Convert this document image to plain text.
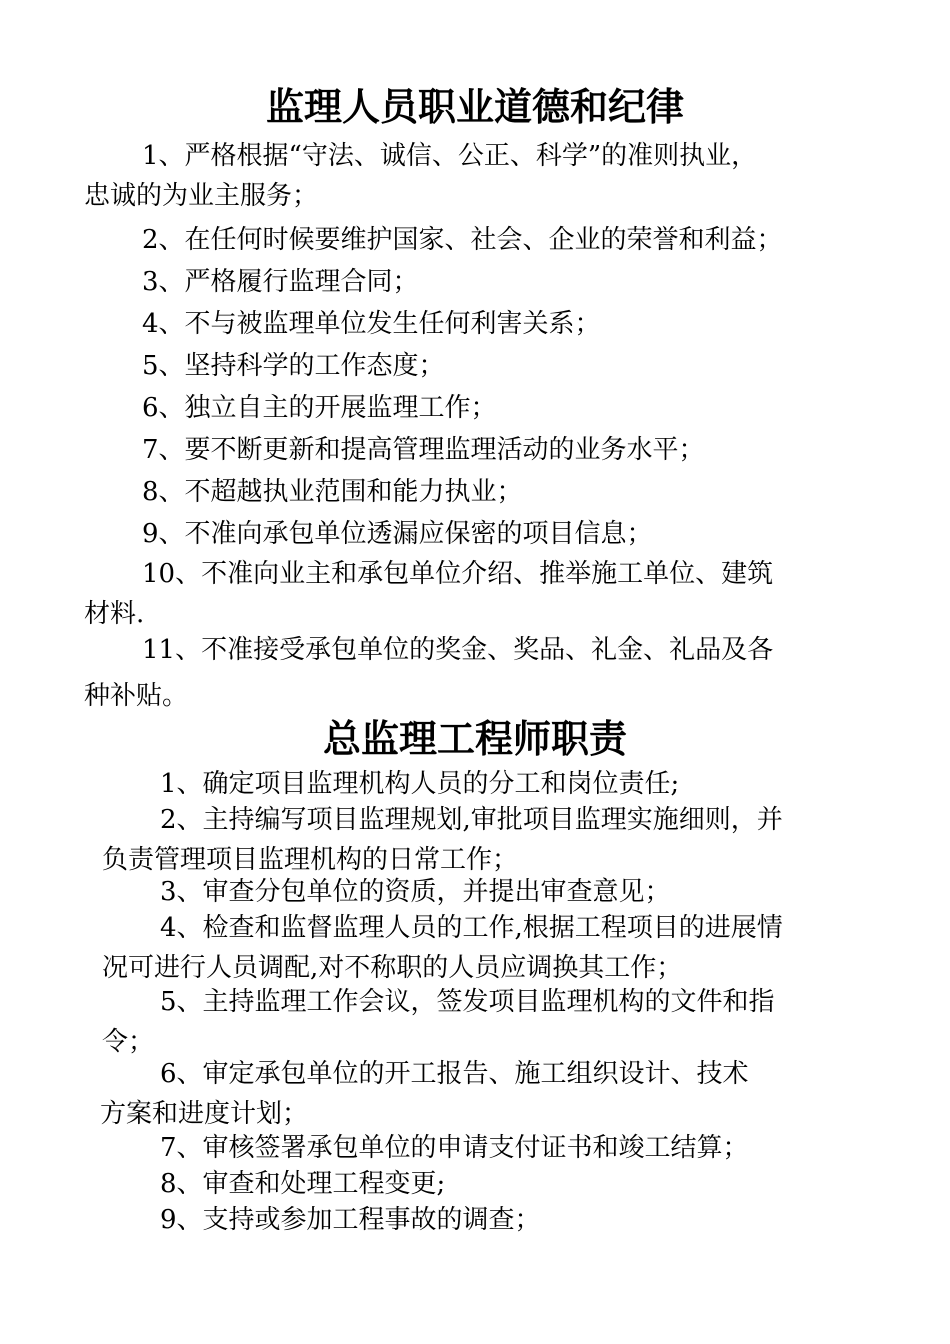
监理人员职业道德和纪律

1、严格根据“守法、诚信、公正、科学”的准则执业，
忠诚的为业主服务；

2、在任何时候要维护国家、社会、企业的荣誉和利益；

3、严格履行监理合同；

4、不与被监理单位发生任何利害关系；

5、坚持科学的工作态度；

6、独立自主的开展监理工作；

7、要不断更新和提高管理监理活动的业务水平；

8、不超越执业范围和能力执业；

9、不准向承包单位透漏应保密的项目信息；

10、不准向业主和承包单位介绍、推举施工单位、建筑
材料.

11、不准接受承包单位的奖金、奖品、礼金、礼品及各
种补贴。

总监理工程师职责

1、确定项目监理机构人员的分工和岗位责任;

2、主持编写项目监理规划,审批项目监理实施细则，并
负责管理项目监理机构的日常工作；

3、审查分包单位的资质，并提出审查意见；

4、检查和监督监理人员的工作,根据工程项目的进展情
况可进行人员调配,对不称职的人员应调换其工作；

5、主持监理工作会议，签发项目监理机构的文件和指
令；

6、审定承包单位的开工报告、施工组织设计、技术
方案和进度计划；

7、审核签署承包单位的申请支付证书和竣工结算；

8、审查和处理工程变更;

9、支持或参加工程事故的调查；
